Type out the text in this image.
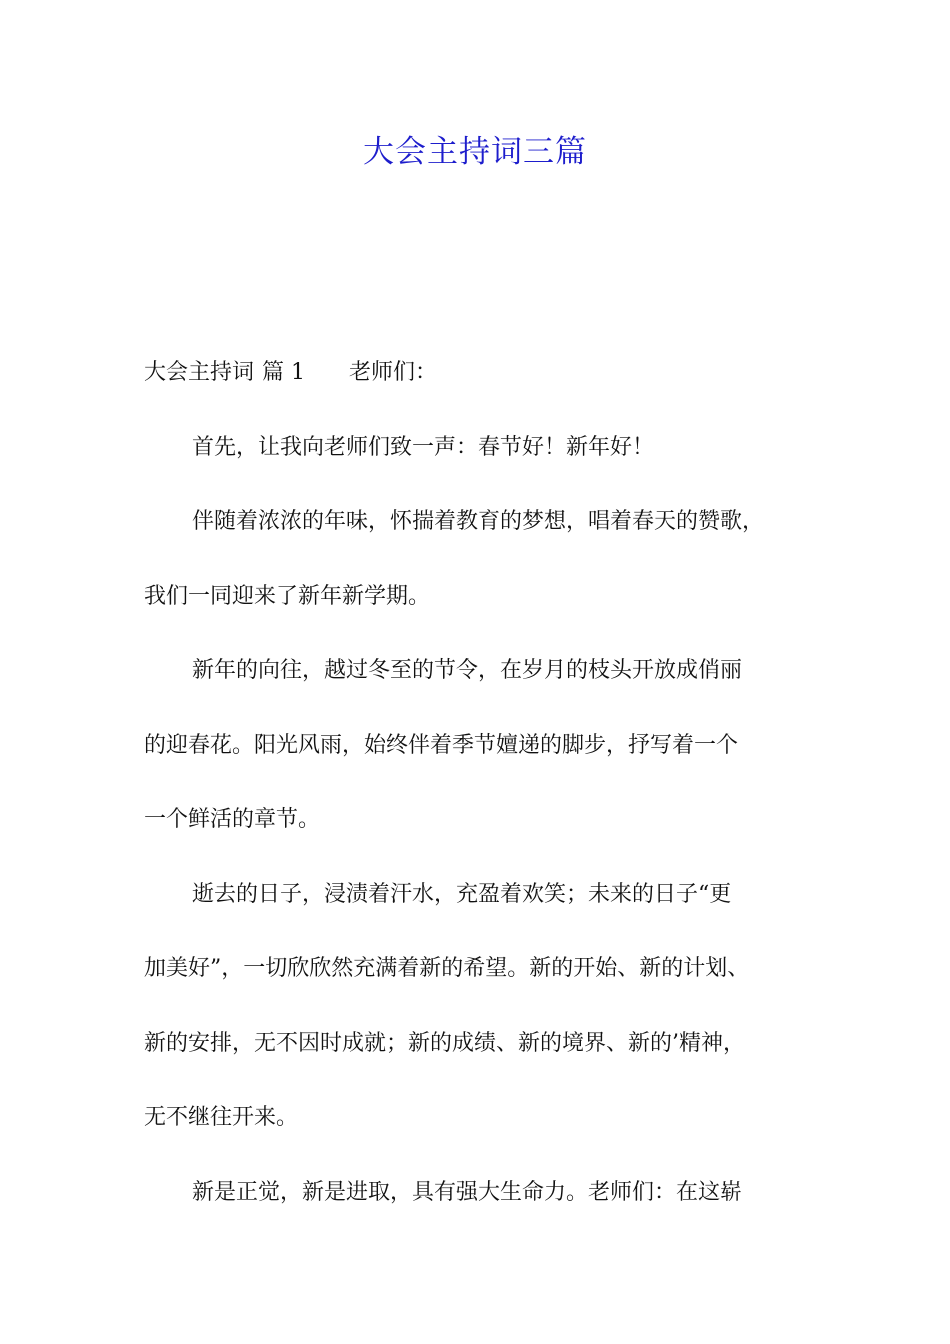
大会主持词三篇
大会主持词 篇 1 老师们：
首先，让我向老师们致一声：春节好！新年好！
伴随着浓浓的年味，怀揣着教育的梦想，唱着春天的赞歌，
我们一同迎来了新年新学期。
新年的向往，越过冬至的节令，在岁月的枝头开放成俏丽
的迎春花。阳光风雨，始终伴着季节嬗递的脚步，抒写着一个
一个鲜活的章节。
逝去的日子，浸渍着汗水，充盈着欢笑；未来的日子“更
加美好”，一切欣欣然充满着新的希望。新的开始、新的计划、
新的安排，无不因时成就；新的成绩、新的境界、新的’精神，
无不继往开来。
新是正觉，新是进取，具有强大生命力。老师们：在这崭
